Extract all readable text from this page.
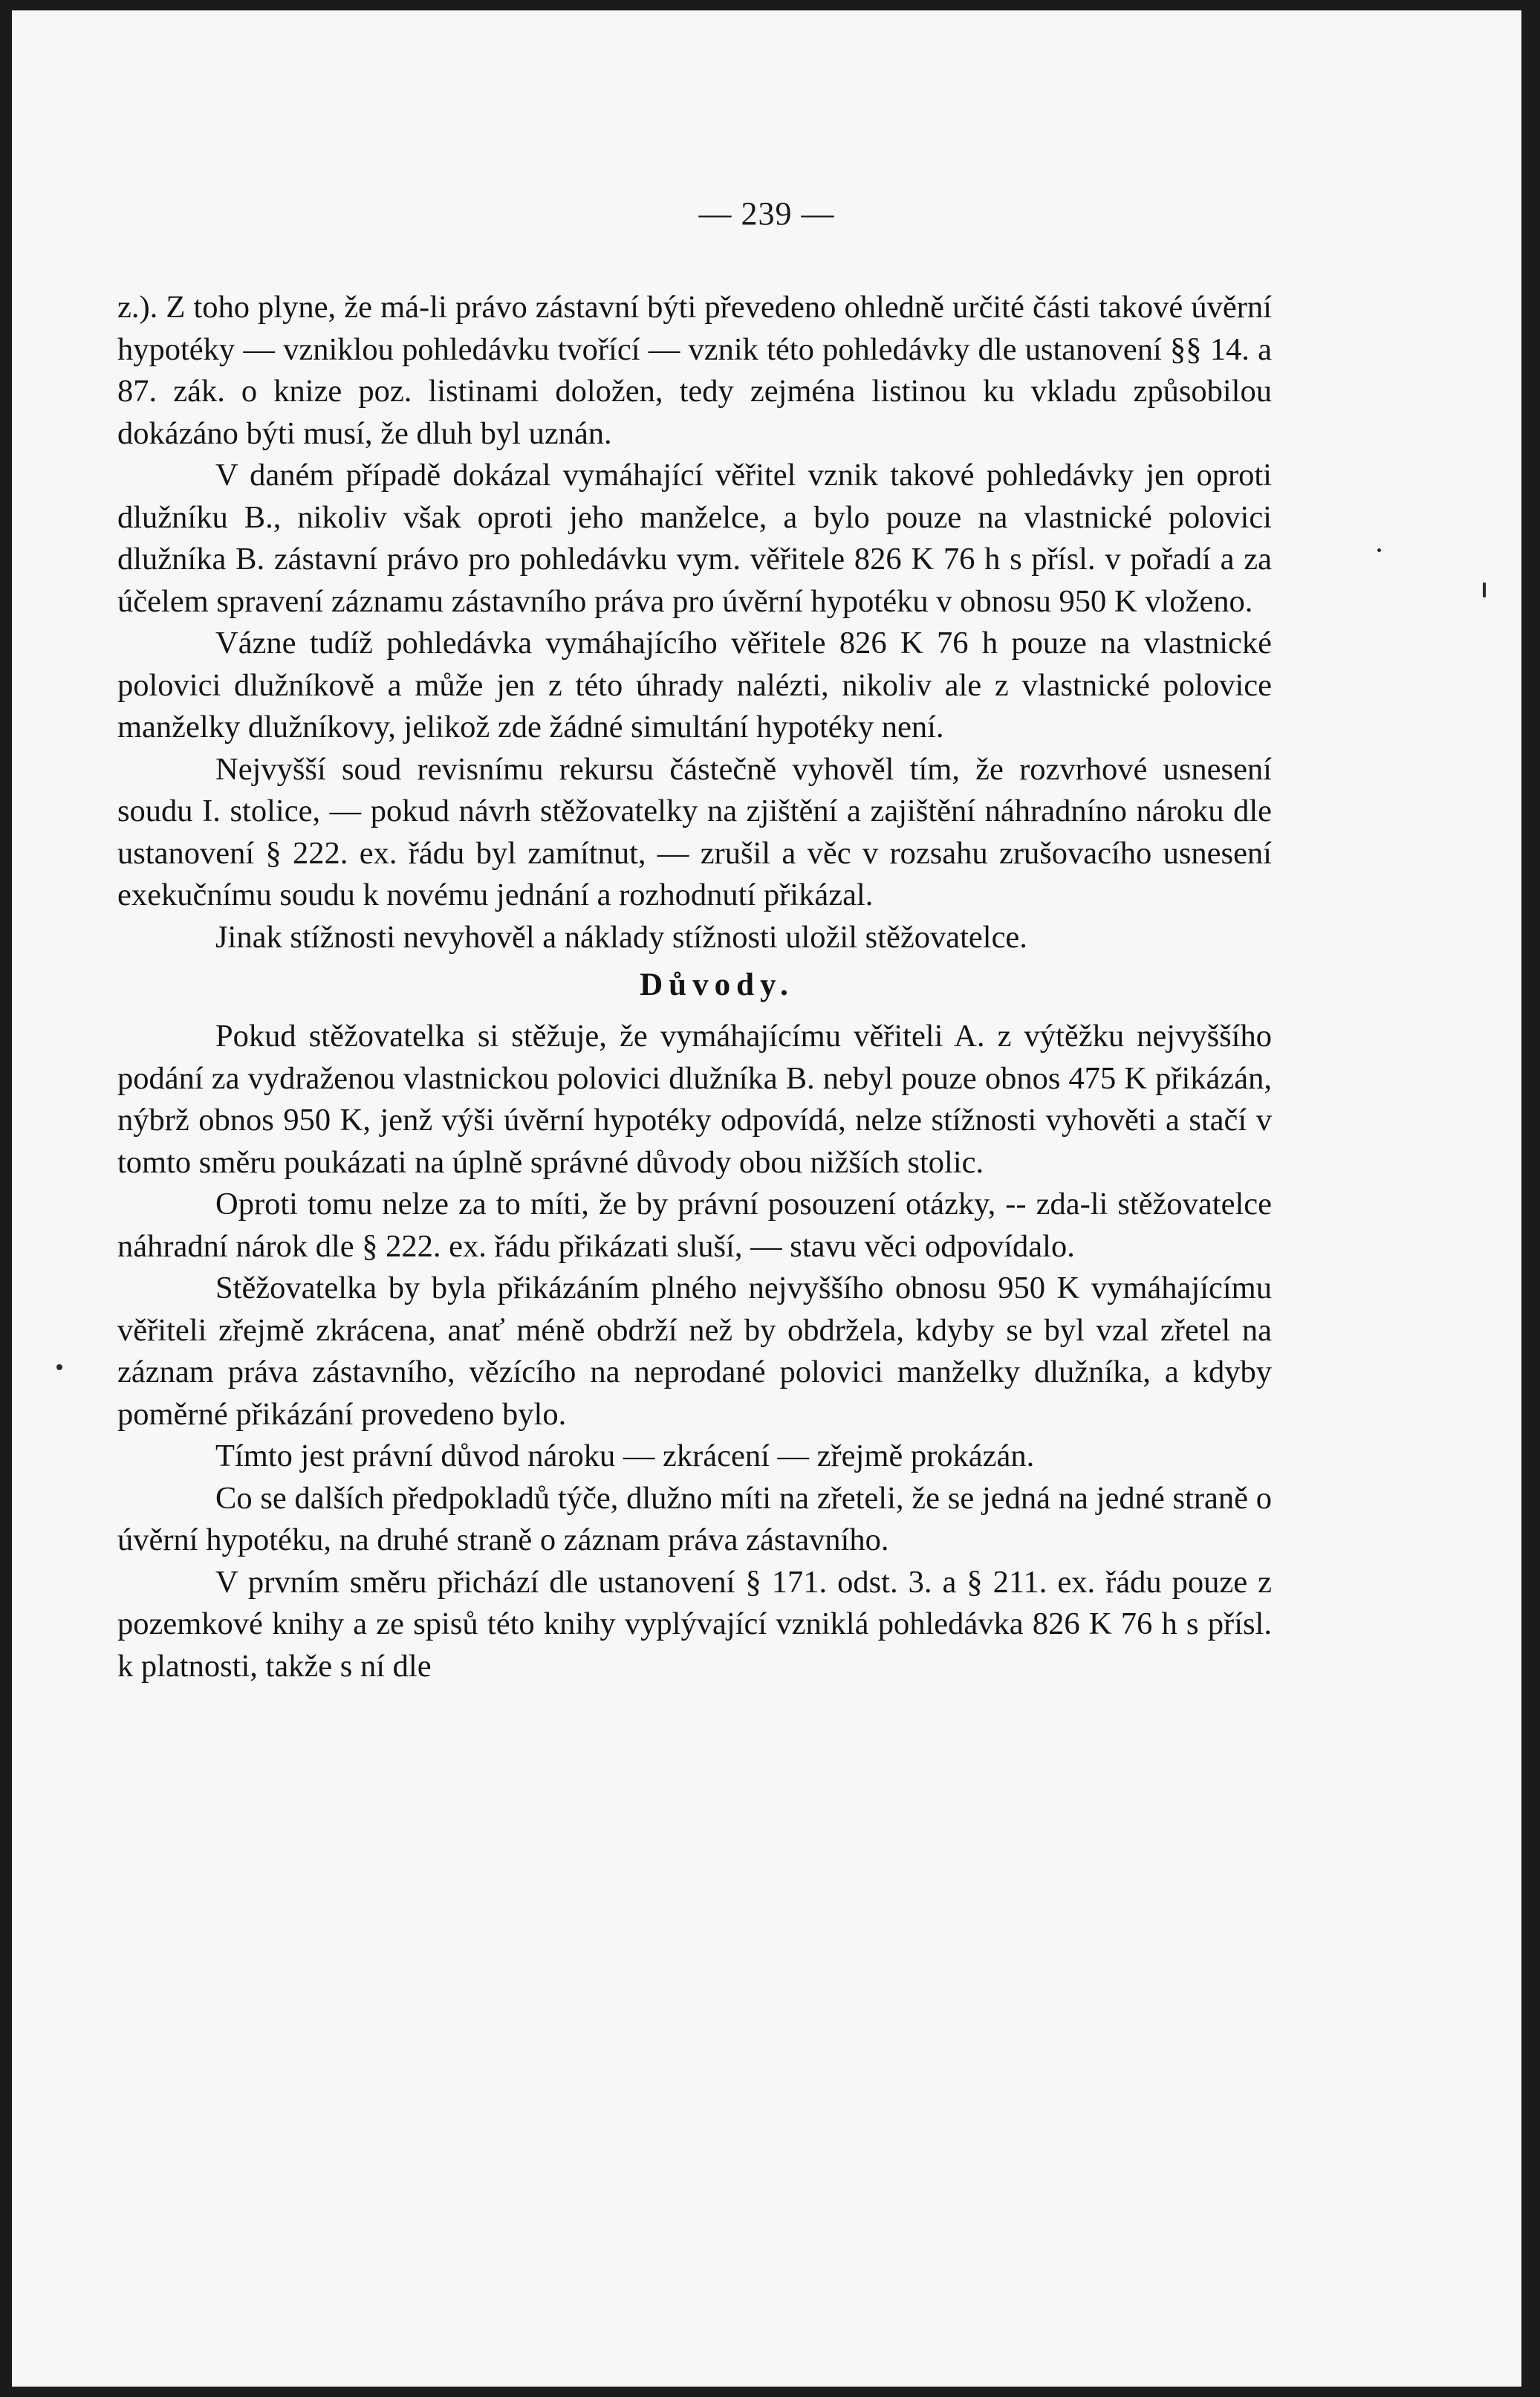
— 239 —

z.). Z toho plyne, že má-li právo zástavní býti převedeno ohledně určité části takové úvěrní hypotéky — vzniklou pohledávku tvořící — vznik této pohledávky dle ustanovení §§ 14. a 87. zák. o knize poz. listinami doložen, tedy zejména listinou ku vkladu způsobilou dokázáno býti musí, že dluh byl uznán.

V daném případě dokázal vymáhající věřitel vznik takové pohledávky jen oproti dlužníku B., nikoliv však oproti jeho manželce, a bylo pouze na vlastnické polovici dlužníka B. zástavní právo pro pohledávku vym. věřitele 826 K 76 h s přísl. v pořadí a za účelem spravení záznamu zástavního práva pro úvěrní hypotéku v obnosu 950 K vloženo.

Vázne tudíž pohledávka vymáhajícího věřitele 826 K 76 h pouze na vlastnické polovici dlužníkově a může jen z této úhrady nalézti, nikoliv ale z vlastnické polovice manželky dlužníkovy, jelikož zde žádné simultání hypotéky není.

Nejvyšší soud revisnímu rekursu částečně vyhověl tím, že rozvrhové usnesení soudu I. stolice, — pokud návrh stěžovatelky na zjištění a zajištění náhradníno nároku dle ustanovení § 222. ex. řádu byl zamítnut, — zrušil a věc v rozsahu zrušovacího usnesení exekučnímu soudu k novému jednání a rozhodnutí přikázal.

Jinak stížnosti nevyhověl a náklady stížnosti uložil stěžovatelce.

Důvody.

Pokud stěžovatelka si stěžuje, že vymáhajícímu věřiteli A. z výtěžku nejvyššího podání za vydraženou vlastnickou polovici dlužníka B. nebyl pouze obnos 475 K přikázán, nýbrž obnos 950 K, jenž výši úvěrní hypotéky odpovídá, nelze stížnosti vyhověti a stačí v tomto směru poukázati na úplně správné důvody obou nižších stolic.

Oproti tomu nelze za to míti, že by právní posouzení otázky, -- zda-li stěžovatelce náhradní nárok dle § 222. ex. řádu přikázati sluší, — stavu věci odpovídalo.

Stěžovatelka by byla přikázáním plného nejvyššího obnosu 950 K vymáhajícímu věřiteli zřejmě zkrácena, anať méně obdrží než by obdržela, kdyby se byl vzal zřetel na záznam práva zástavního, vězícího na neprodané polovici manželky dlužníka, a kdyby poměrné přikázání provedeno bylo.

Tímto jest právní důvod nároku — zkrácení — zřejmě prokázán.

Co se dalších předpokladů týče, dlužno míti na zřeteli, že se jedná na jedné straně o úvěrní hypotéku, na druhé straně o záznam práva zástavního.

V prvním směru přichází dle ustanovení § 171. odst. 3. a § 211. ex. řádu pouze z pozemkové knihy a ze spisů této knihy vyplývající vzniklá pohledávka 826 K 76 h s přísl. k platnosti, takže s ní dle
